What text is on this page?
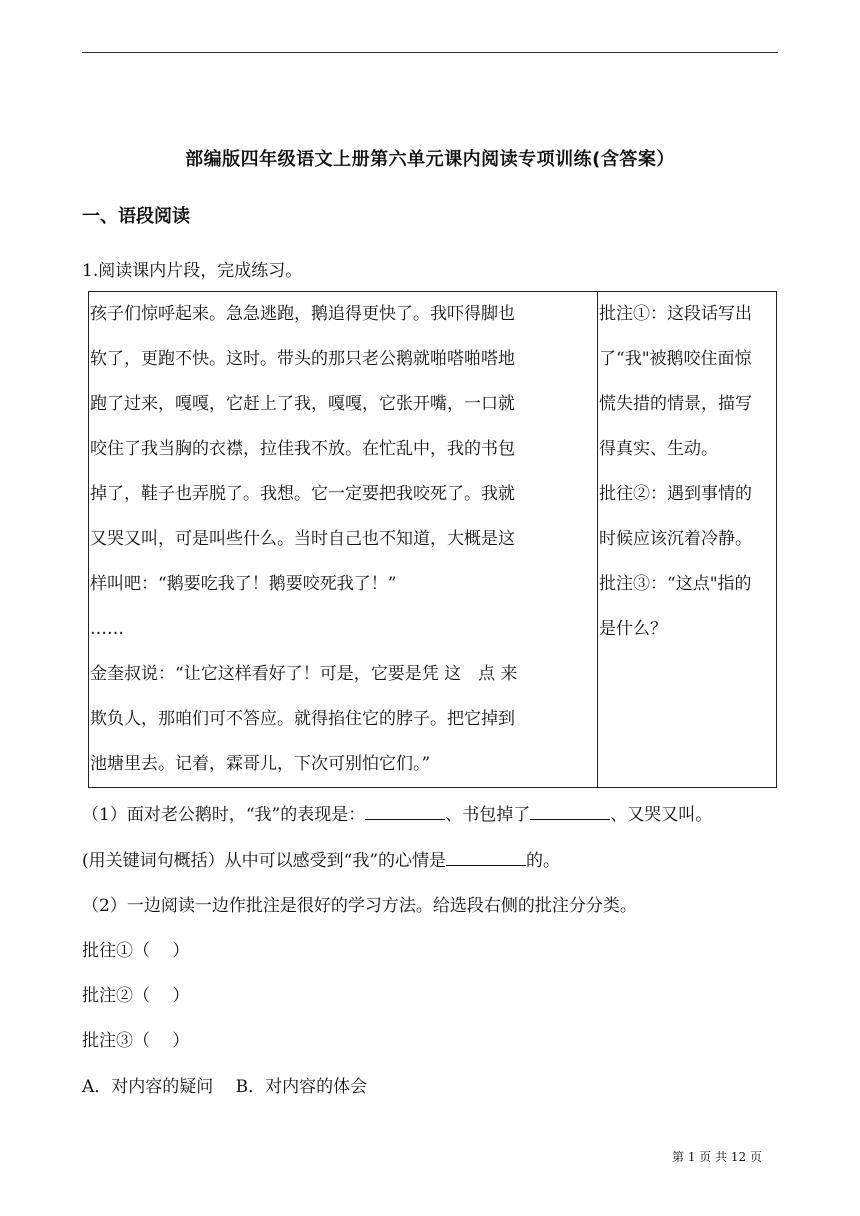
部编版四年级语文上册第六单元课内阅读专项训练(含答案）
一、语段阅读
1.阅读课内片段，完成练习。
孩子们惊呼起来。急急逃跑，鹅追得更快了。我吓得脚也
软了，更跑不快。这时。带头的那只老公鹅就啪嗒啪嗒地
跑了过来，嘎嘎，它赶上了我，嘎嘎，它张开嘴，一口就
咬住了我当胸的衣襟，拉佳我不放。在忙乱中，我的书包
掉了，鞋子也弄脱了。我想。它一定要把我咬死了。我就
又哭又叫，可是叫些什么。当时自己也不知道，大概是这
样叫吧：“鹅要吃我了！鹅要咬死我了！”
……
金奎叔说：“让它这样看好了！可是，它要是凭 这　点 来
欺负人，那咱们可不答应。就得掐住它的脖子。把它掉到
池塘里去。记着，霖哥儿，下次可别怕它们。”

批注①：这段话写出
了“我"被鹅咬住面惊
慌失措的情景，描写
得真实、生动。
批往②：遇到事情的
时候应该沉着冷静。
批注③：“这点"指的
是什么？
（1）面对老公鹅时，“我”的表现是：	、书包掉了	、又哭又叫。
(用关键词句概括）从中可以感受到“我”的心情是	的。
（2）一边阅读一边作批注是很好的学习方法。给选段右侧的批注分分类。
批往①（　 ）
批注②（　 ）
批注③（　 ）
A．对内容的疑问　 B．对内容的体会
第 1 页 共 12 页
